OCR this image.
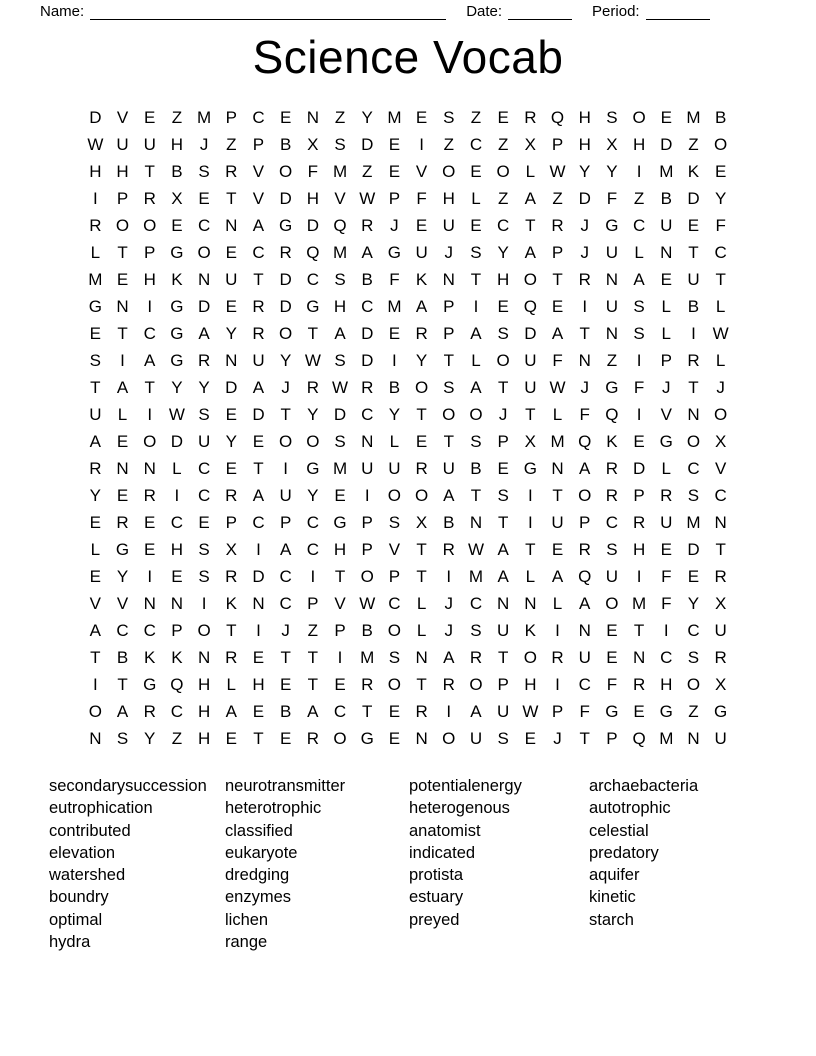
Name:	Date:	Period:
Science Vocab
D V E Z M P C E N Z Y M E S Z E R Q H S O E M B
W U U H J	Z P B X S D E	I	Z C Z X P H X H D Z O
H H T B S R V O F M Z E V O E O L W Y Y	I	M K E
I	P R X E T V D H V W P F H L	Z A Z D F Z B D Y
R O O E C N A G D Q R J	E U E C T R J G C U E F
L	T P G O E C R Q M A G U J	S Y A P	J U L N T C
M E H K N U T D C S B F K N T H O T R N A E U T
G N	I	G D E R D G H C M A P	I	E Q E	I	U S L B L
E T C G A Y R O T A D E R P A S D A T N S L	I W
S	I	A G R N U Y W S D	I	Y T	L O U F N Z	I	P R L
T A T Y Y D A	J R W R B O S A T U W J G F	J	T	J
U L	I W S E D T Y D C Y T O O J	T	L	F Q	I	V N O
A E O D U Y E O O S N L E T S P X M Q K E G O X
R N N L C E T	I	G M U U R U B E G N A R D L C V
Y E R	I	C R A U Y E	I	O O A T S	I	T O R P R S C
E R E C E P C P C G P S X B N T	I	U P C R U M N
L G E H S X	I	A C H P V T R W A T E R S H E D T
E Y	I	E S R D C	I	T O P T	I	M A L A Q U	I	F E R
V V N N	I	K N C P V W C L	J C N N L A O M F Y X
A C C P O T	I	J	Z P B O L	J	S U K	I	N E T	I	C U
T B K K N R E T T	I	M S N A R T O R U E N C S R
I	T G Q H L H E T E R O T R O P H	I	C F R H O X
O A R C H A E B A C T E R	I	A U W P F G E G Z G
N S Y Z H E T E R O G E N O U S E	J	T P Q M N U
secondarysuccession
eutrophication
contributed
elevation
watershed
boundry
optimal
hydra
neurotransmitter
heterotrophic
classified
eukaryote
dredging
enzymes
lichen
range
potentialenergy
heterogenous
anatomist
indicated
protista
estuary
preyed
archaebacteria
autotrophic
celestial
predatory
aquifer
kinetic
starch
